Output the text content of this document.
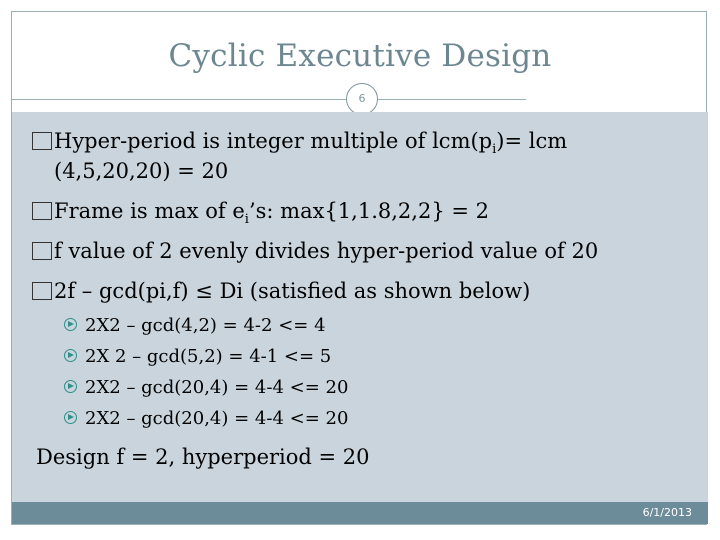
Cyclic Executive Design
6
Hyper-period is integer multiple of $lcm(p_i)=$ lcm
(4,5,20,20) = 20
Frame is max of $e_i’s$: max{1,1.8,2,2} = 2
f value of 2 evenly divides hyper-period value of 20
2f – gcd(pi,f) ≤ Di (satisfied as shown below)
2X2 – gcd(4,2) = 4-2 <= 4
2X 2 – gcd(5,2) = 4-1 <= 5
2X2 – gcd(20,4) = 4-4 <= 20
2X2 – gcd(20,4) = 4-4 <= 20
Design f = 2, hyperperiod = 20
6/1/2013
